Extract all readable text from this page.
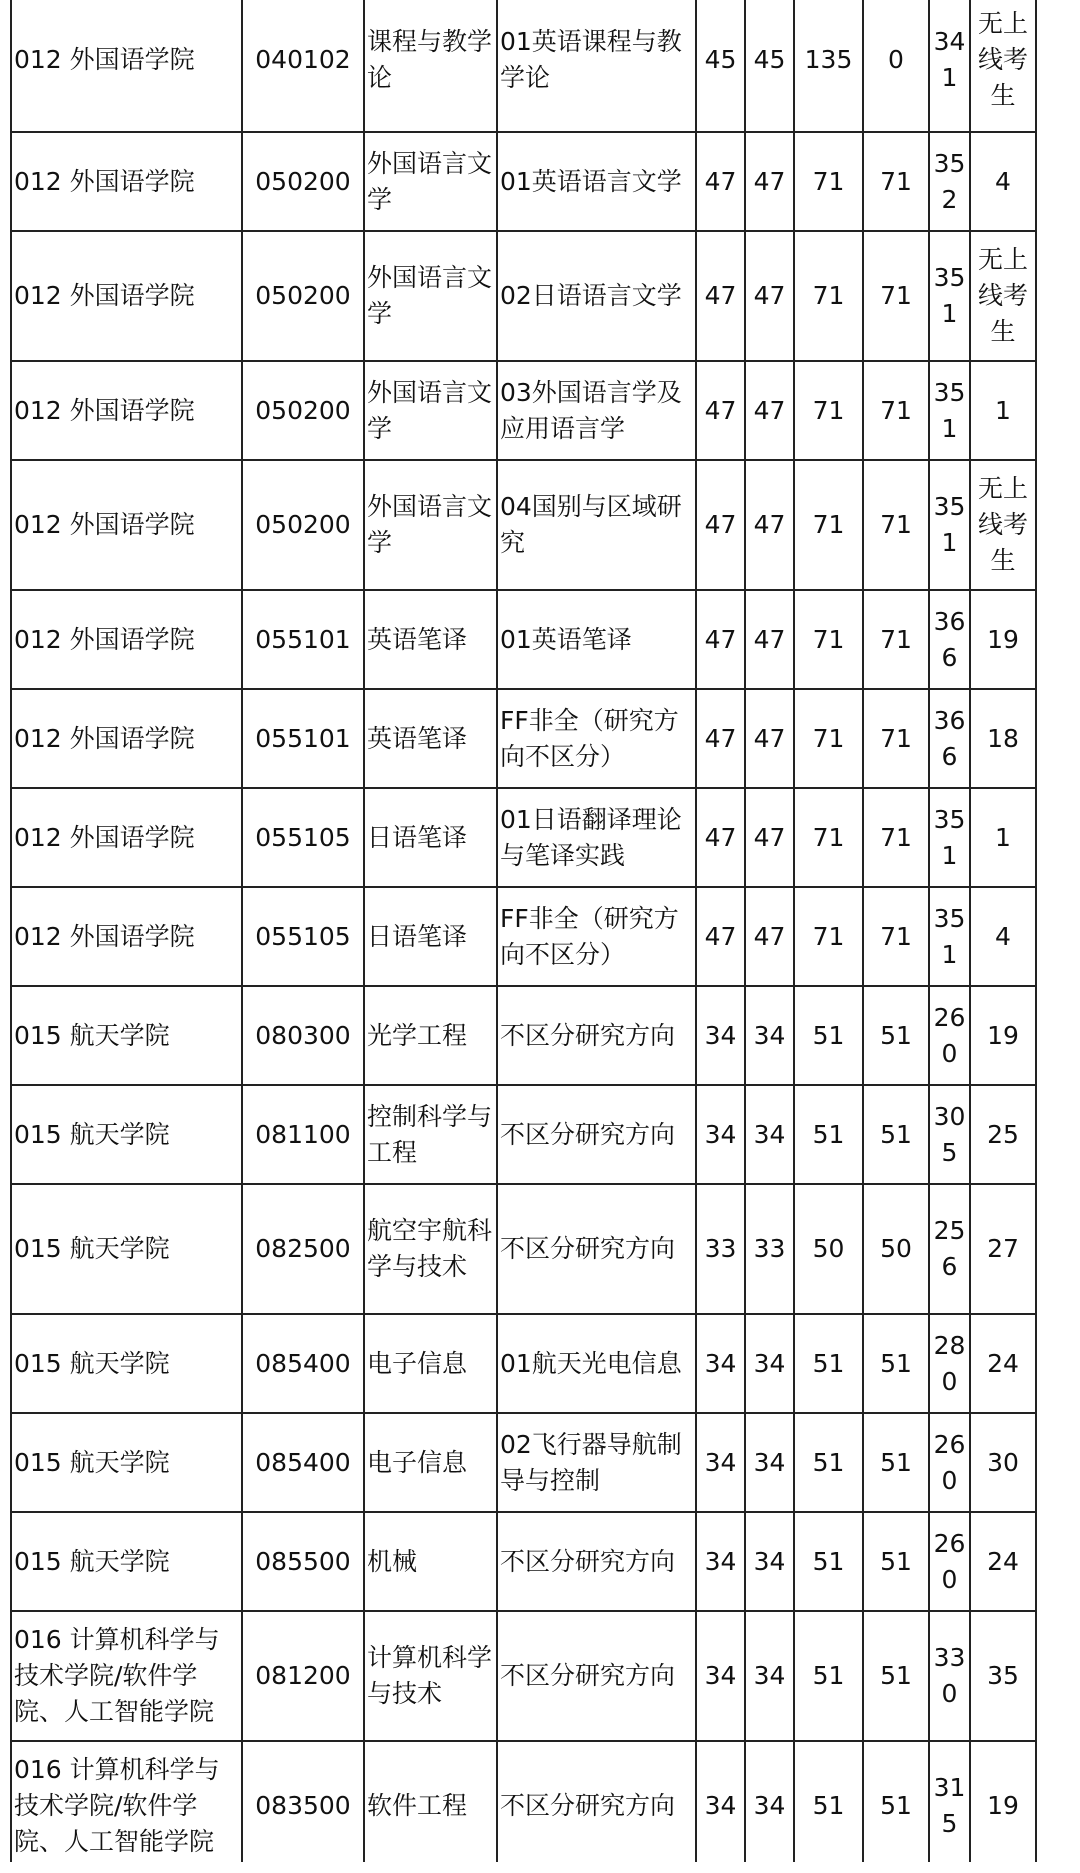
012 外国语学院	040102	课程与教学论	01英语课程与教学论	45	45	135	0	341	无上线考生
012 外国语学院	050200	外国语言文学	01英语语言文学	47	47	71	71	352	4
012 外国语学院	050200	外国语言文学	02日语语言文学	47	47	71	71	351	无上线考生
012 外国语学院	050200	外国语言文学	03外国语言学及应用语言学	47	47	71	71	351	1
012 外国语学院	050200	外国语言文学	04国别与区域研究	47	47	71	71	351	无上线考生
012 外国语学院	055101	英语笔译	01英语笔译	47	47	71	71	366	19
012 外国语学院	055101	英语笔译	FF非全（研究方向不区分）	47	47	71	71	366	18
012 外国语学院	055105	日语笔译	01日语翻译理论与笔译实践	47	47	71	71	351	1
012 外国语学院	055105	日语笔译	FF非全（研究方向不区分）	47	47	71	71	351	4
015 航天学院	080300	光学工程	不区分研究方向	34	34	51	51	260	19
015 航天学院	081100	控制科学与工程	不区分研究方向	34	34	51	51	305	25
015 航天学院	082500	航空宇航科学与技术	不区分研究方向	33	33	50	50	256	27
015 航天学院	085400	电子信息	01航天光电信息	34	34	51	51	280	24
015 航天学院	085400	电子信息	02飞行器导航制导与控制	34	34	51	51	260	30
015 航天学院	085500	机械	不区分研究方向	34	34	51	51	260	24
016 计算机科学与技术学院/软件学院、人工智能学院	081200	计算机科学与技术	不区分研究方向	34	34	51	51	330	35
016 计算机科学与技术学院/软件学院、人工智能学院	083500	软件工程	不区分研究方向	34	34	51	51	315	19
